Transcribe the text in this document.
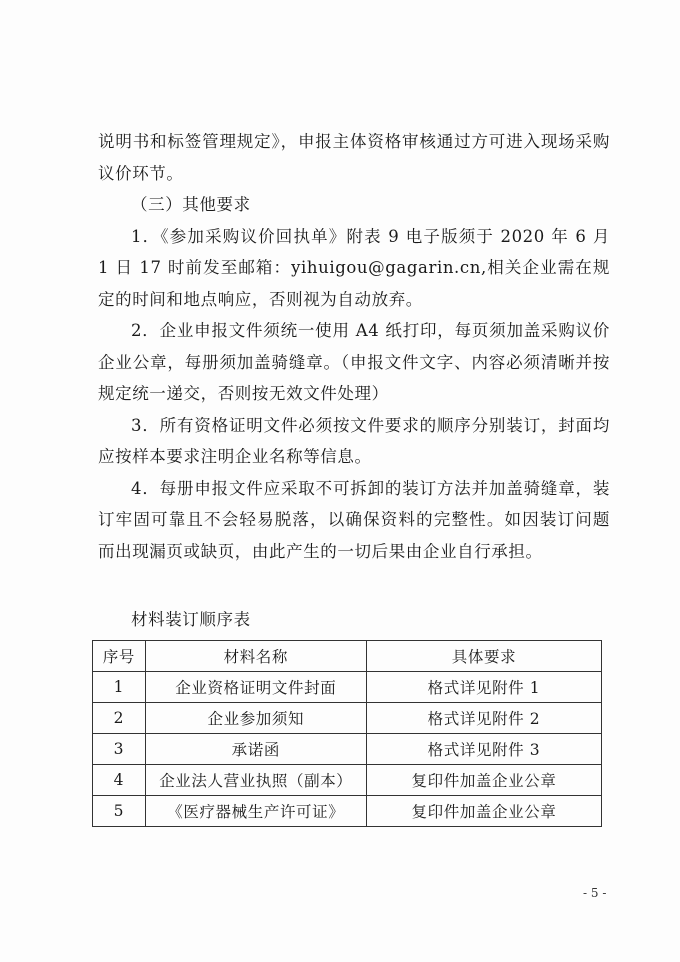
说明书和标签管理规定》，申报主体资格审核通过方可进入现场采购议价环节。

（三）其他要求

1．《参加采购议价回执单》附表 9 电子版须于 2020 年 6 月 1 日 17 时前发至邮箱：yihuigou@gagarin.cn,相关企业需在规定的时间和地点响应，否则视为自动放弃。

2．企业申报文件须统一使用 A4 纸打印，每页须加盖采购议价企业公章，每册须加盖骑缝章。（申报文件文字、内容必须清晰并按规定统一递交，否则按无效文件处理）

3．所有资格证明文件必须按文件要求的顺序分别装订，封面均应按样本要求注明企业名称等信息。

4．每册申报文件应采取不可拆卸的装订方法并加盖骑缝章，装订牢固可靠且不会轻易脱落，以确保资料的完整性。如因装订问题而出现漏页或缺页，由此产生的一切后果由企业自行承担。

材料装订顺序表
序号	材料名称	具体要求
1	企业资格证明文件封面	格式详见附件 1
2	企业参加须知	格式详见附件 2
3	承诺函	格式详见附件 3
4	企业法人营业执照（副本）	复印件加盖企业公章
5	《医疗器械生产许可证》	复印件加盖企业公章
- 5 -
